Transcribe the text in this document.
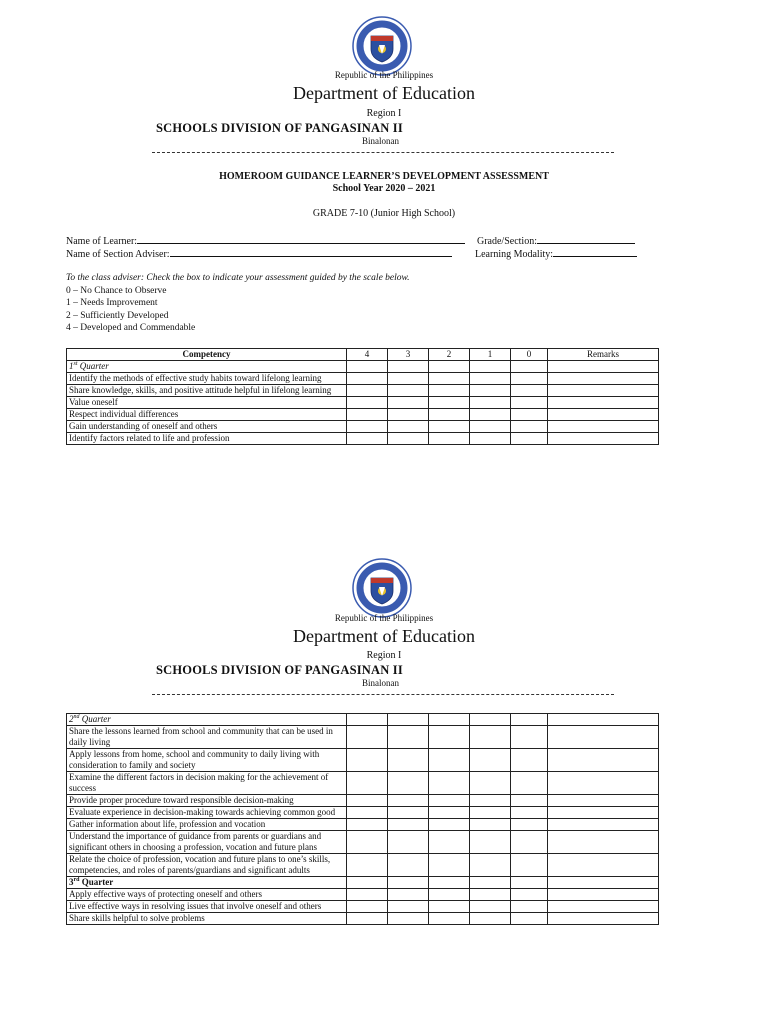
Republic of the Philippines
Department of Education
Region I
SCHOOLS DIVISION OF PANGASINAN II
Binalonan
HOMEROOM GUIDANCE LEARNER’S DEVELOPMENT ASSESSMENT
School Year 2020 – 2021
GRADE 7-10 (Junior High School)
Name of Learner:	Grade/Section:
Name of Section Adviser:	Learning Modality:
To the class adviser: Check the box to indicate your assessment guided by the scale below.
0 – No Chance to Observe
1 – Needs Improvement
2 – Sufficiently Developed
4 – Developed and Commendable
Competency	4	3	2	1	0	Remarks
1st Quarter						
Identify the methods of effective study habits toward lifelong learning						
Share knowledge, skills, and positive attitude helpful in lifelong learning						
Value oneself						
Respect individual differences						
Gain understanding of oneself and others						
Identify factors related to life and profession						
Republic of the Philippines
Department of Education
Region I
SCHOOLS DIVISION OF PANGASINAN II
Binalonan
2nd Quarter						
Share the lessons learned from school and community that can be used in daily living						
Apply lessons from home, school and community to daily living with consideration to family and society						
Examine the different factors in decision making for the achievement of success						
Provide proper procedure toward responsible decision-making						
Evaluate experience in decision-making towards achieving common good						
Gather information about life, profession and vocation						
Understand the importance of guidance from parents or guardians and significant others in choosing a profession, vocation and future plans						
Relate the choice of profession, vocation and future plans to one’s skills, competencies, and roles of parents/guardians and significant adults						
3rd Quarter						
Apply effective ways of protecting oneself and others						
Live effective ways in resolving issues that involve oneself and others						
Share skills helpful to solve problems						
